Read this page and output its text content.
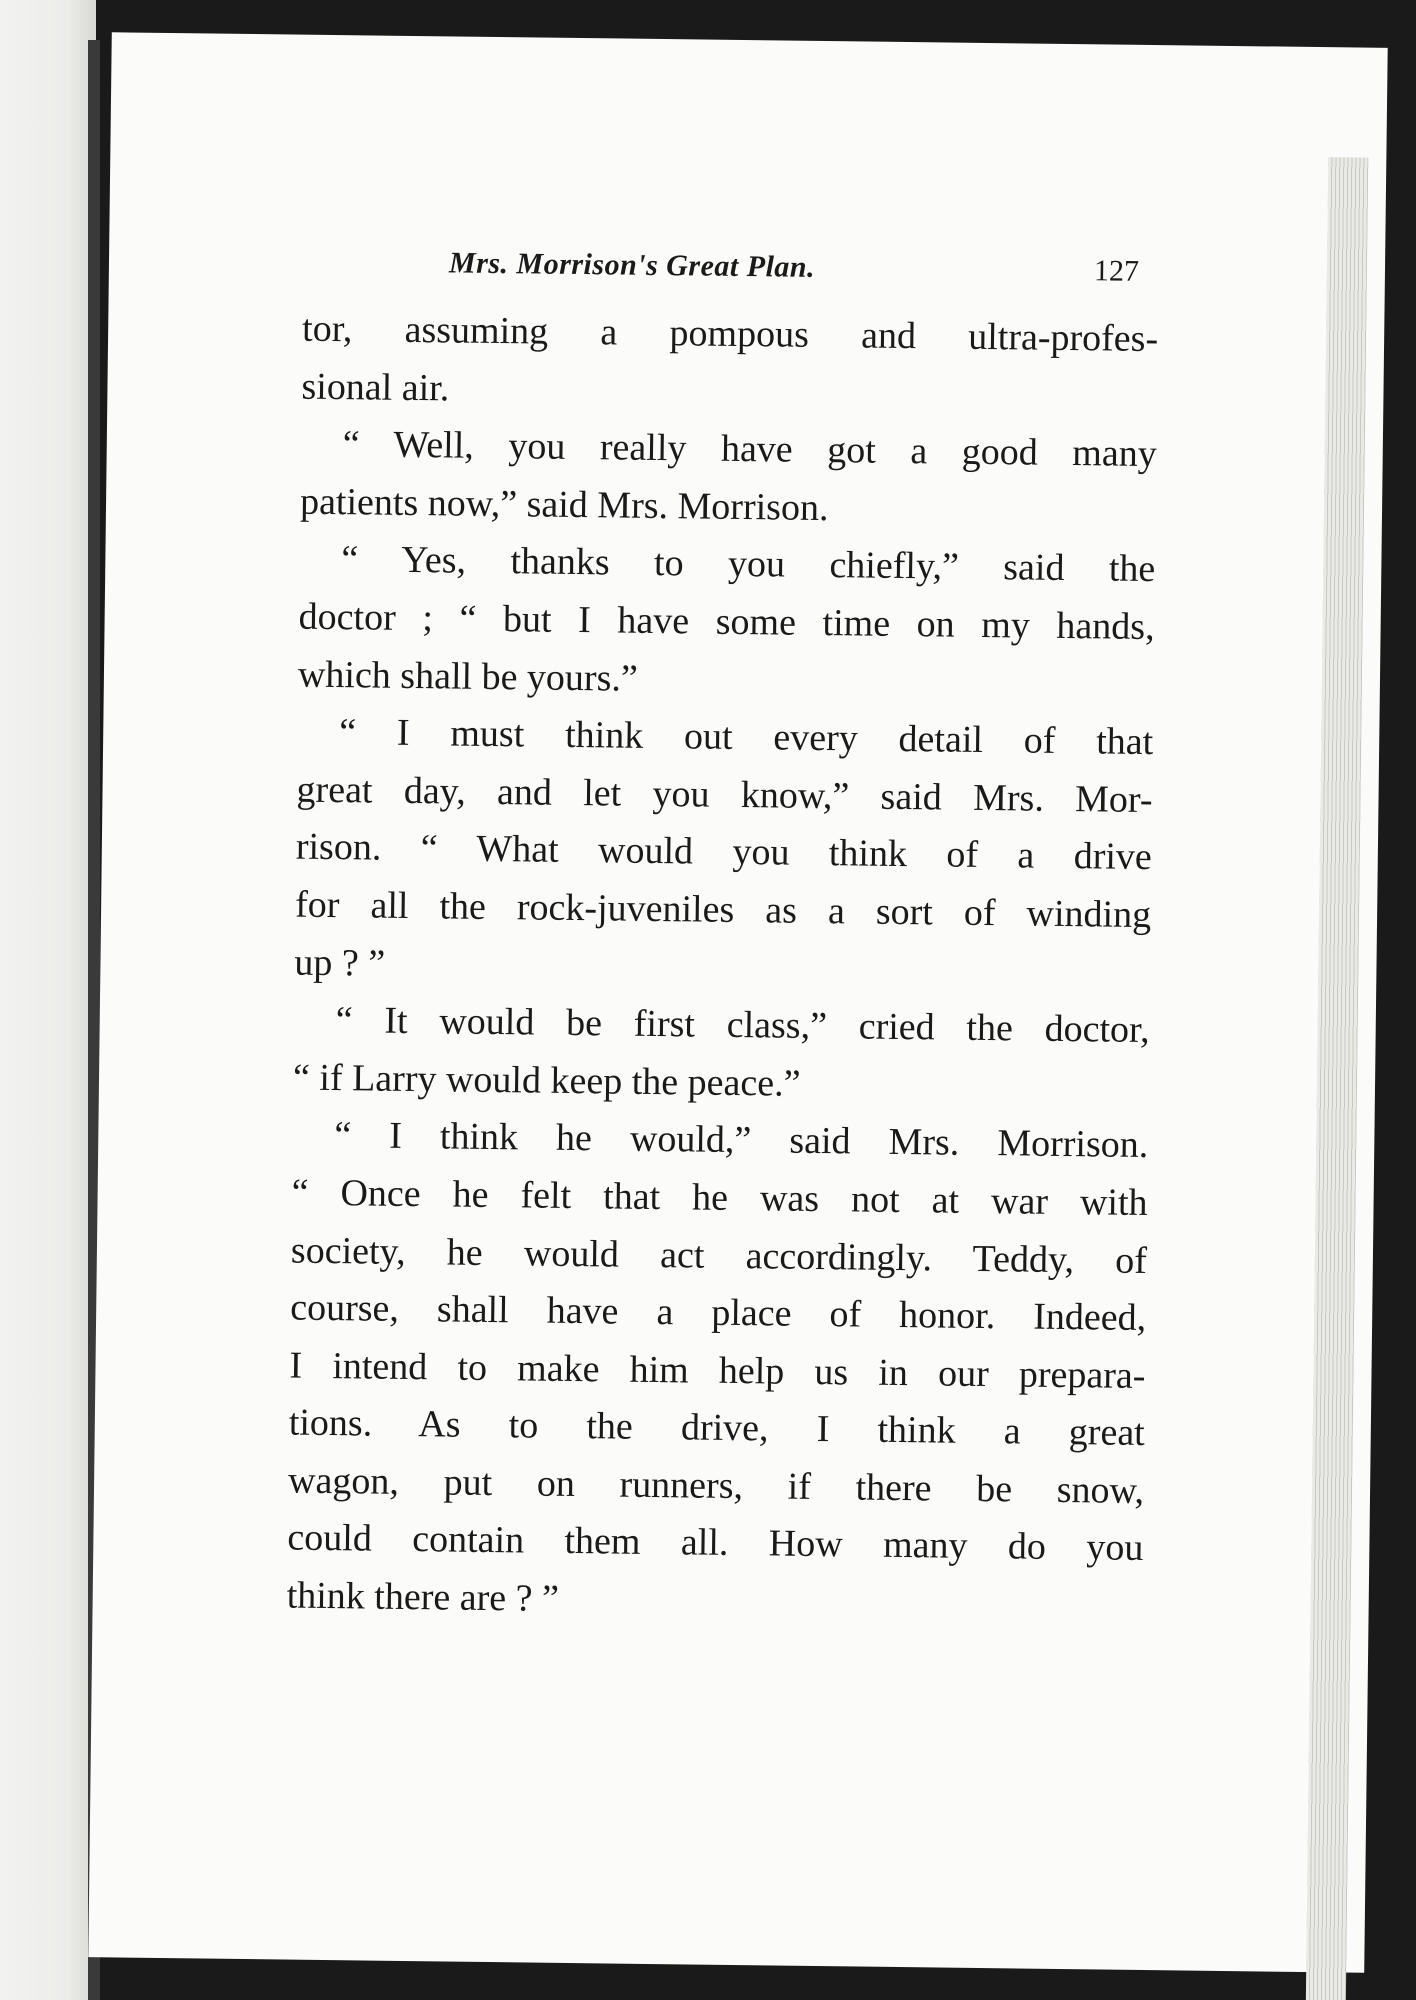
Mrs. Morrison's Great Plan.	127

tor, assuming a pompous and ultra-profes-
sional air.

“ Well, you really have got a good many
patients now,” said Mrs. Morrison.

“ Yes, thanks to you chiefly,” said the
doctor ; “ but I have some time on my hands,
which shall be yours.”

“ I must think out every detail of that
great day, and let you know,” said Mrs. Mor-
rison. “ What would you think of a drive
for all the rock-juveniles as a sort of winding
up ? ”

“ It would be first class,” cried the doctor,
“ if Larry would keep the peace.”

“ I think he would,” said Mrs. Morrison.
“ Once he felt that he was not at war with
society, he would act accordingly. Teddy, of
course, shall have a place of honor. Indeed,
I intend to make him help us in our prepara-
tions. As to the drive, I think a great
wagon, put on runners, if there be snow,
could contain them all. How many do you
think there are ? ”
